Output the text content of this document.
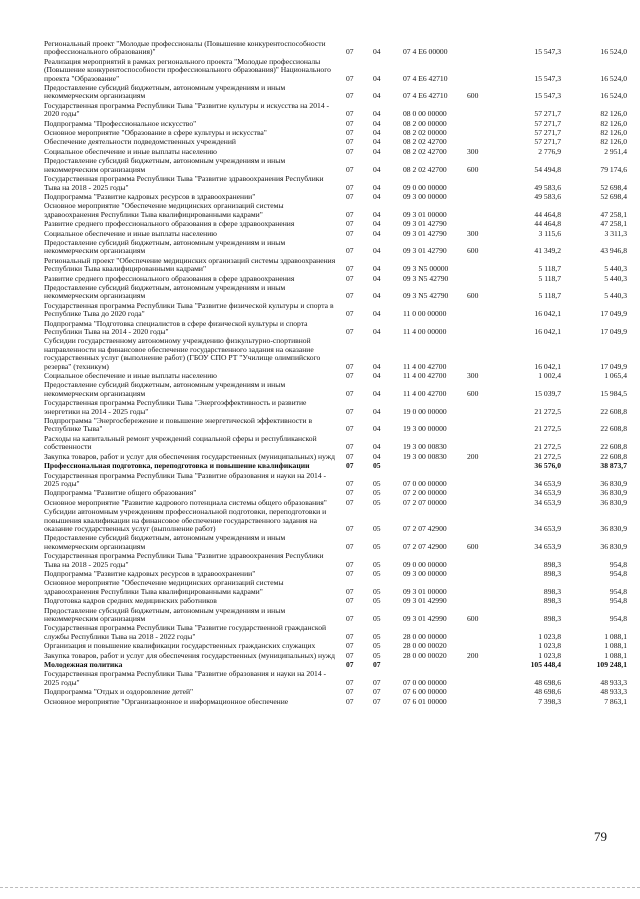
Региональный проект "Молодые профессионалы (Повышение конкурентоспособности профессионального образования)"	07	04	07 4 Е6 00000	15 547,3	16 524,0
Реализация мероприятий в рамках регионального проекта "Молодые профессионалы (Повышение конкурентоспособности профессионального образования)" Национального проекта "Образование"	07	04	07 4 Е6 42710	15 547,3	16 524,0
Предоставление субсидий бюджетным, автономным учреждениям и иным некоммерческим организациям	07	04	07 4 Е6 42710	600	15 547,3	16 524,0
Государственная программа Республики Тыва "Развитие культуры и искусства на 2014 - 2020 годы"	07	04	08 0 00 00000	57 271,7	82 126,0
Подпрограмма "Профессиональное искусство"	07	04	08 2 00 00000	57 271,7	82 126,0
Основное мероприятие "Образование в сфере культуры и искусства"	07	04	08 2 02 00000	57 271,7	82 126,0
Обеспечение деятельности подведомственных учреждений	07	04	08 2 02 42700	57 271,7	82 126,0
Социальное обеспечение и иные выплаты населению	07	04	08 2 02 42700	300	2 776,9	2 951,4
Предоставление субсидий бюджетным, автономным учреждениям и иным некоммерческим организациям	07	04	08 2 02 42700	600	54 494,8	79 174,6
Государственная программа Республики Тыва "Развитие здравоохранения Республики Тыва на 2018 - 2025 годы"	07	04	09 0 00 00000	49 583,6	52 698,4
Подпрограмма "Развитие кадровых ресурсов в здравоохранении"	07	04	09 3 00 00000	49 583,6	52 698,4
Основное мероприятие "Обеспечение медицинских организаций системы здравоохранения Республики Тыва квалифицированными кадрами"	07	04	09 3 01 00000	44 464,8	47 258,1
Развитие среднего профессионального образования в сфере здравоохранения	07	04	09 3 01 42790	44 464,8	47 258,1
Социальное обеспечение и иные выплаты населению	07	04	09 3 01 42790	300	3 115,6	3 311,3
Предоставление субсидий бюджетным, автономным учреждениям и иным некоммерческим организациям	07	04	09 3 01 42790	600	41 349,2	43 946,8
Региональный проект "Обеспечение медицинских организаций системы здравоохранения Республики Тыва квалифицированными кадрами"	07	04	09 3 N5 00000	5 118,7	5 440,3
Развитие среднего профессионального образования в сфере здравоохранения	07	04	09 3 N5 42790	5 118,7	5 440,3
Предоставление субсидий бюджетным, автономным учреждениям и иным некоммерческим организациям	07	04	09 3 N5 42790	600	5 118,7	5 440,3
Государственная программа Республики Тыва "Развитие физической культуры и спорта в Республике Тыва до 2020 года"	07	04	11 0 00 00000	16 042,1	17 049,9
Подпрограмма "Подготовка специалистов в сфере физической культуры и спорта Республики Тыва на 2014 - 2020 годы"	07	04	11 4 00 00000	16 042,1	17 049,9
Субсидии государственному автономному учреждению физкультурно-спортивной направленности на финансовое обеспечение государственного задания на оказание государственных услуг (выполнение работ) (ГБОУ СПО РТ "Училище олимпийского резерва" (техникум)	07	04	11 4 00 42700	16 042,1	17 049,9
Социальное обеспечение и иные выплаты населению	07	04	11 4 00 42700	300	1 002,4	1 065,4
Предоставление субсидий бюджетным, автономным учреждениям и иным некоммерческим организациям	07	04	11 4 00 42700	600	15 039,7	15 984,5
Государственная программа Республики Тыва "Энергоэффективность и развитие энергетики на 2014 - 2025 годы"	07	04	19 0 00 00000	21 272,5	22 608,8
Подпрограмма "Энергосбережение и повышение энергетической эффективности в Республике Тыва"	07	04	19 3 00 00000	21 272,5	22 608,8
Расходы на капитальный ремонт учреждений социальной сферы и республиканской собственности	07	04	19 3 00 00830	21 272,5	22 608,8
Закупка товаров, работ и услуг для обеспечения государственных (муниципальных) нужд	07	04	19 3 00 00830	200	21 272,5	22 608,8
Профессиональная подготовка, переподготовка и повышение квалификации	07	05	36 576,0	38 873,7
Государственная программа Республики Тыва "Развитие образования и науки на 2014 - 2025 годы"	07	05	07 0 00 00000	34 653,9	36 830,9
Подпрограмма "Развитие общего образования"	07	05	07 2 00 00000	34 653,9	36 830,9
Основное мероприятие "Развитие кадрового потенциала системы общего образования"	07	05	07 2 07 00000	34 653,9	36 830,9
Субсидии автономным учреждениям профессиональной подготовки, переподготовки и повышения квалификации на финансовое обеспечение государственного задания на оказание государственных услуг (выполнение работ)	07	05	07 2 07 42900	34 653,9	36 830,9
Предоставление субсидий бюджетным, автономным учреждениям и иным некоммерческим организациям	07	05	07 2 07 42900	600	34 653,9	36 830,9
Государственная программа Республики Тыва "Развитие здравоохранения Республики Тыва на 2018 - 2025 годы"	07	05	09 0 00 00000	898,3	954,8
Подпрограмма "Развитие кадровых ресурсов в здравоохранении"	07	05	09 3 00 00000	898,3	954,8
Основное мероприятие "Обеспечение медицинских организаций системы здравоохранения Республики Тыва квалифицированными кадрами"	07	05	09 3 01 00000	898,3	954,8
Подготовка кадров средних медицинских работников	07	05	09 3 01 42990	898,3	954,8
Предоставление субсидий бюджетным, автономным учреждениям и иным некоммерческим организациям	07	05	09 3 01 42990	600	898,3	954,8
Государственная программа Республики Тыва "Развитие государственной гражданской службы Республики Тыва на 2018 - 2022 годы"	07	05	28 0 00 00000	1 023,8	1 088,1
Организация и повышение квалификации государственных гражданских служащих	07	05	28 0 00 00020	1 023,8	1 088,1
Закупка товаров, работ и услуг для обеспечения государственных (муниципальных) нужд	07	05	28 0 00 00020	200	1 023,8	1 088,1
Молодежная политика	07	07	105 448,4	109 248,1
Государственная программа Республики Тыва "Развитие образования и науки на 2014 - 2025 годы"	07	07	07 0 00 00000	48 698,6	48 933,3
Подпрограмма "Отдых и оздоровление детей"	07	07	07 6 00 00000	48 698,6	48 933,3
Основное мероприятие "Организационное и информационное обеспечение	07	07	07 6 01 00000	7 398,3	7 863,1
79
